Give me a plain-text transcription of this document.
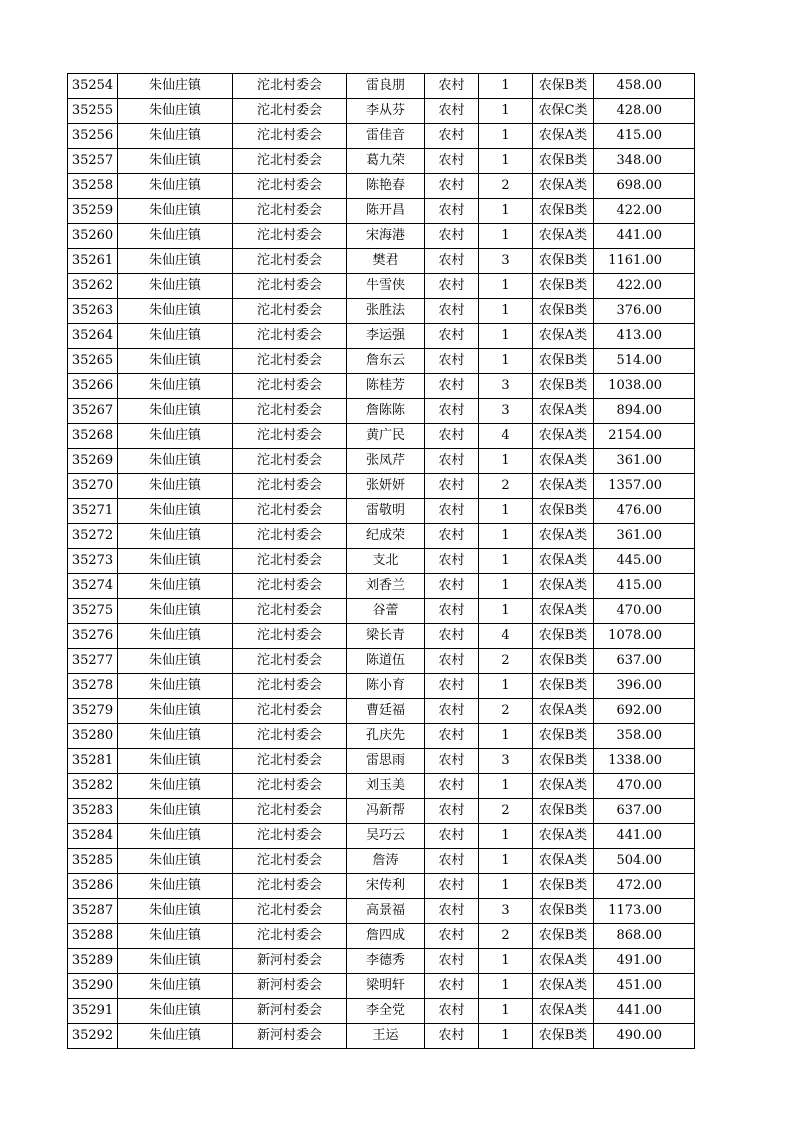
35254	朱仙庄镇	沱北村委会	雷良朋	农村	1	农保B类	458.00
35255	朱仙庄镇	沱北村委会	李从芬	农村	1	农保C类	428.00
35256	朱仙庄镇	沱北村委会	雷佳音	农村	1	农保A类	415.00
35257	朱仙庄镇	沱北村委会	葛九荣	农村	1	农保B类	348.00
35258	朱仙庄镇	沱北村委会	陈艳春	农村	2	农保A类	698.00
35259	朱仙庄镇	沱北村委会	陈开昌	农村	1	农保B类	422.00
35260	朱仙庄镇	沱北村委会	宋海港	农村	1	农保A类	441.00
35261	朱仙庄镇	沱北村委会	樊君	农村	3	农保B类	1161.00
35262	朱仙庄镇	沱北村委会	牛雪侠	农村	1	农保B类	422.00
35263	朱仙庄镇	沱北村委会	张胜法	农村	1	农保B类	376.00
35264	朱仙庄镇	沱北村委会	李运强	农村	1	农保A类	413.00
35265	朱仙庄镇	沱北村委会	詹东云	农村	1	农保B类	514.00
35266	朱仙庄镇	沱北村委会	陈桂芳	农村	3	农保B类	1038.00
35267	朱仙庄镇	沱北村委会	詹陈陈	农村	3	农保A类	894.00
35268	朱仙庄镇	沱北村委会	黄广民	农村	4	农保A类	2154.00
35269	朱仙庄镇	沱北村委会	张凤芹	农村	1	农保A类	361.00
35270	朱仙庄镇	沱北村委会	张妍妍	农村	2	农保A类	1357.00
35271	朱仙庄镇	沱北村委会	雷敬明	农村	1	农保B类	476.00
35272	朱仙庄镇	沱北村委会	纪成荣	农村	1	农保A类	361.00
35273	朱仙庄镇	沱北村委会	支北	农村	1	农保A类	445.00
35274	朱仙庄镇	沱北村委会	刘香兰	农村	1	农保A类	415.00
35275	朱仙庄镇	沱北村委会	谷蕾	农村	1	农保A类	470.00
35276	朱仙庄镇	沱北村委会	梁长青	农村	4	农保B类	1078.00
35277	朱仙庄镇	沱北村委会	陈道伍	农村	2	农保B类	637.00
35278	朱仙庄镇	沱北村委会	陈小育	农村	1	农保B类	396.00
35279	朱仙庄镇	沱北村委会	曹廷福	农村	2	农保A类	692.00
35280	朱仙庄镇	沱北村委会	孔庆先	农村	1	农保B类	358.00
35281	朱仙庄镇	沱北村委会	雷思雨	农村	3	农保B类	1338.00
35282	朱仙庄镇	沱北村委会	刘玉美	农村	1	农保A类	470.00
35283	朱仙庄镇	沱北村委会	冯新帮	农村	2	农保B类	637.00
35284	朱仙庄镇	沱北村委会	吴巧云	农村	1	农保A类	441.00
35285	朱仙庄镇	沱北村委会	詹涛	农村	1	农保A类	504.00
35286	朱仙庄镇	沱北村委会	宋传利	农村	1	农保B类	472.00
35287	朱仙庄镇	沱北村委会	高景福	农村	3	农保B类	1173.00
35288	朱仙庄镇	沱北村委会	詹四成	农村	2	农保B类	868.00
35289	朱仙庄镇	新河村委会	李德秀	农村	1	农保A类	491.00
35290	朱仙庄镇	新河村委会	梁明轩	农村	1	农保A类	451.00
35291	朱仙庄镇	新河村委会	李全党	农村	1	农保A类	441.00
35292	朱仙庄镇	新河村委会	王运	农村	1	农保B类	490.00
